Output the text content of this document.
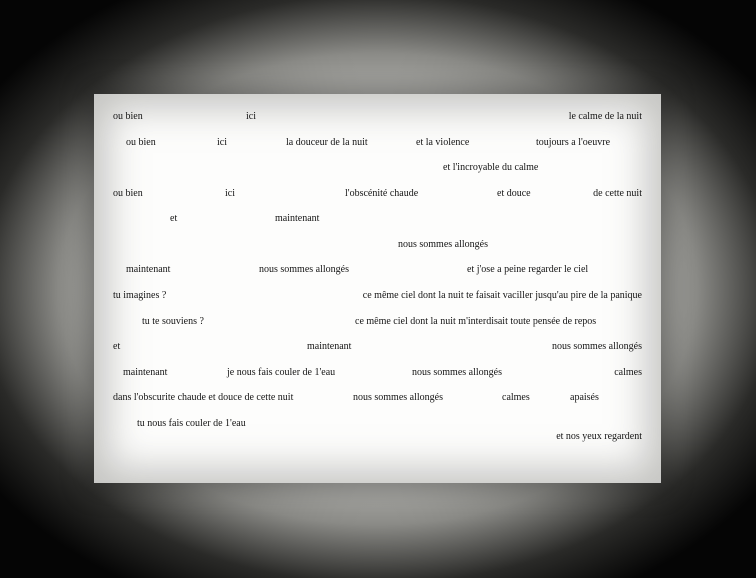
ou bien	ici	le calme de la nuit
ou bien	ici	la douceur de la nuit	et la violence	toujours a l'oeuvre
et l'incroyable du calme
ou bien	ici	l'obscénité chaude	et douce	de cette nuit
et	maintenant
nous sommes allongés
maintenant	nous sommes allongés	et j'ose a peine regarder le ciel
tu imagines ?	ce même ciel dont la nuit te faisait vaciller jusqu'au pire de la panique
tu te souviens ?	ce même ciel dont la nuit m'interdisait toute pensée de repos
et	maintenant	nous sommes allongés
maintenant	je nous fais couler de 1'eau	nous sommes allongés	calmes
dans l'obscurite chaude et douce de cette nuit	nous sommes allongés	calmes	apaisés
tu nous fais couler de 1'eau
et nos yeux regardent
